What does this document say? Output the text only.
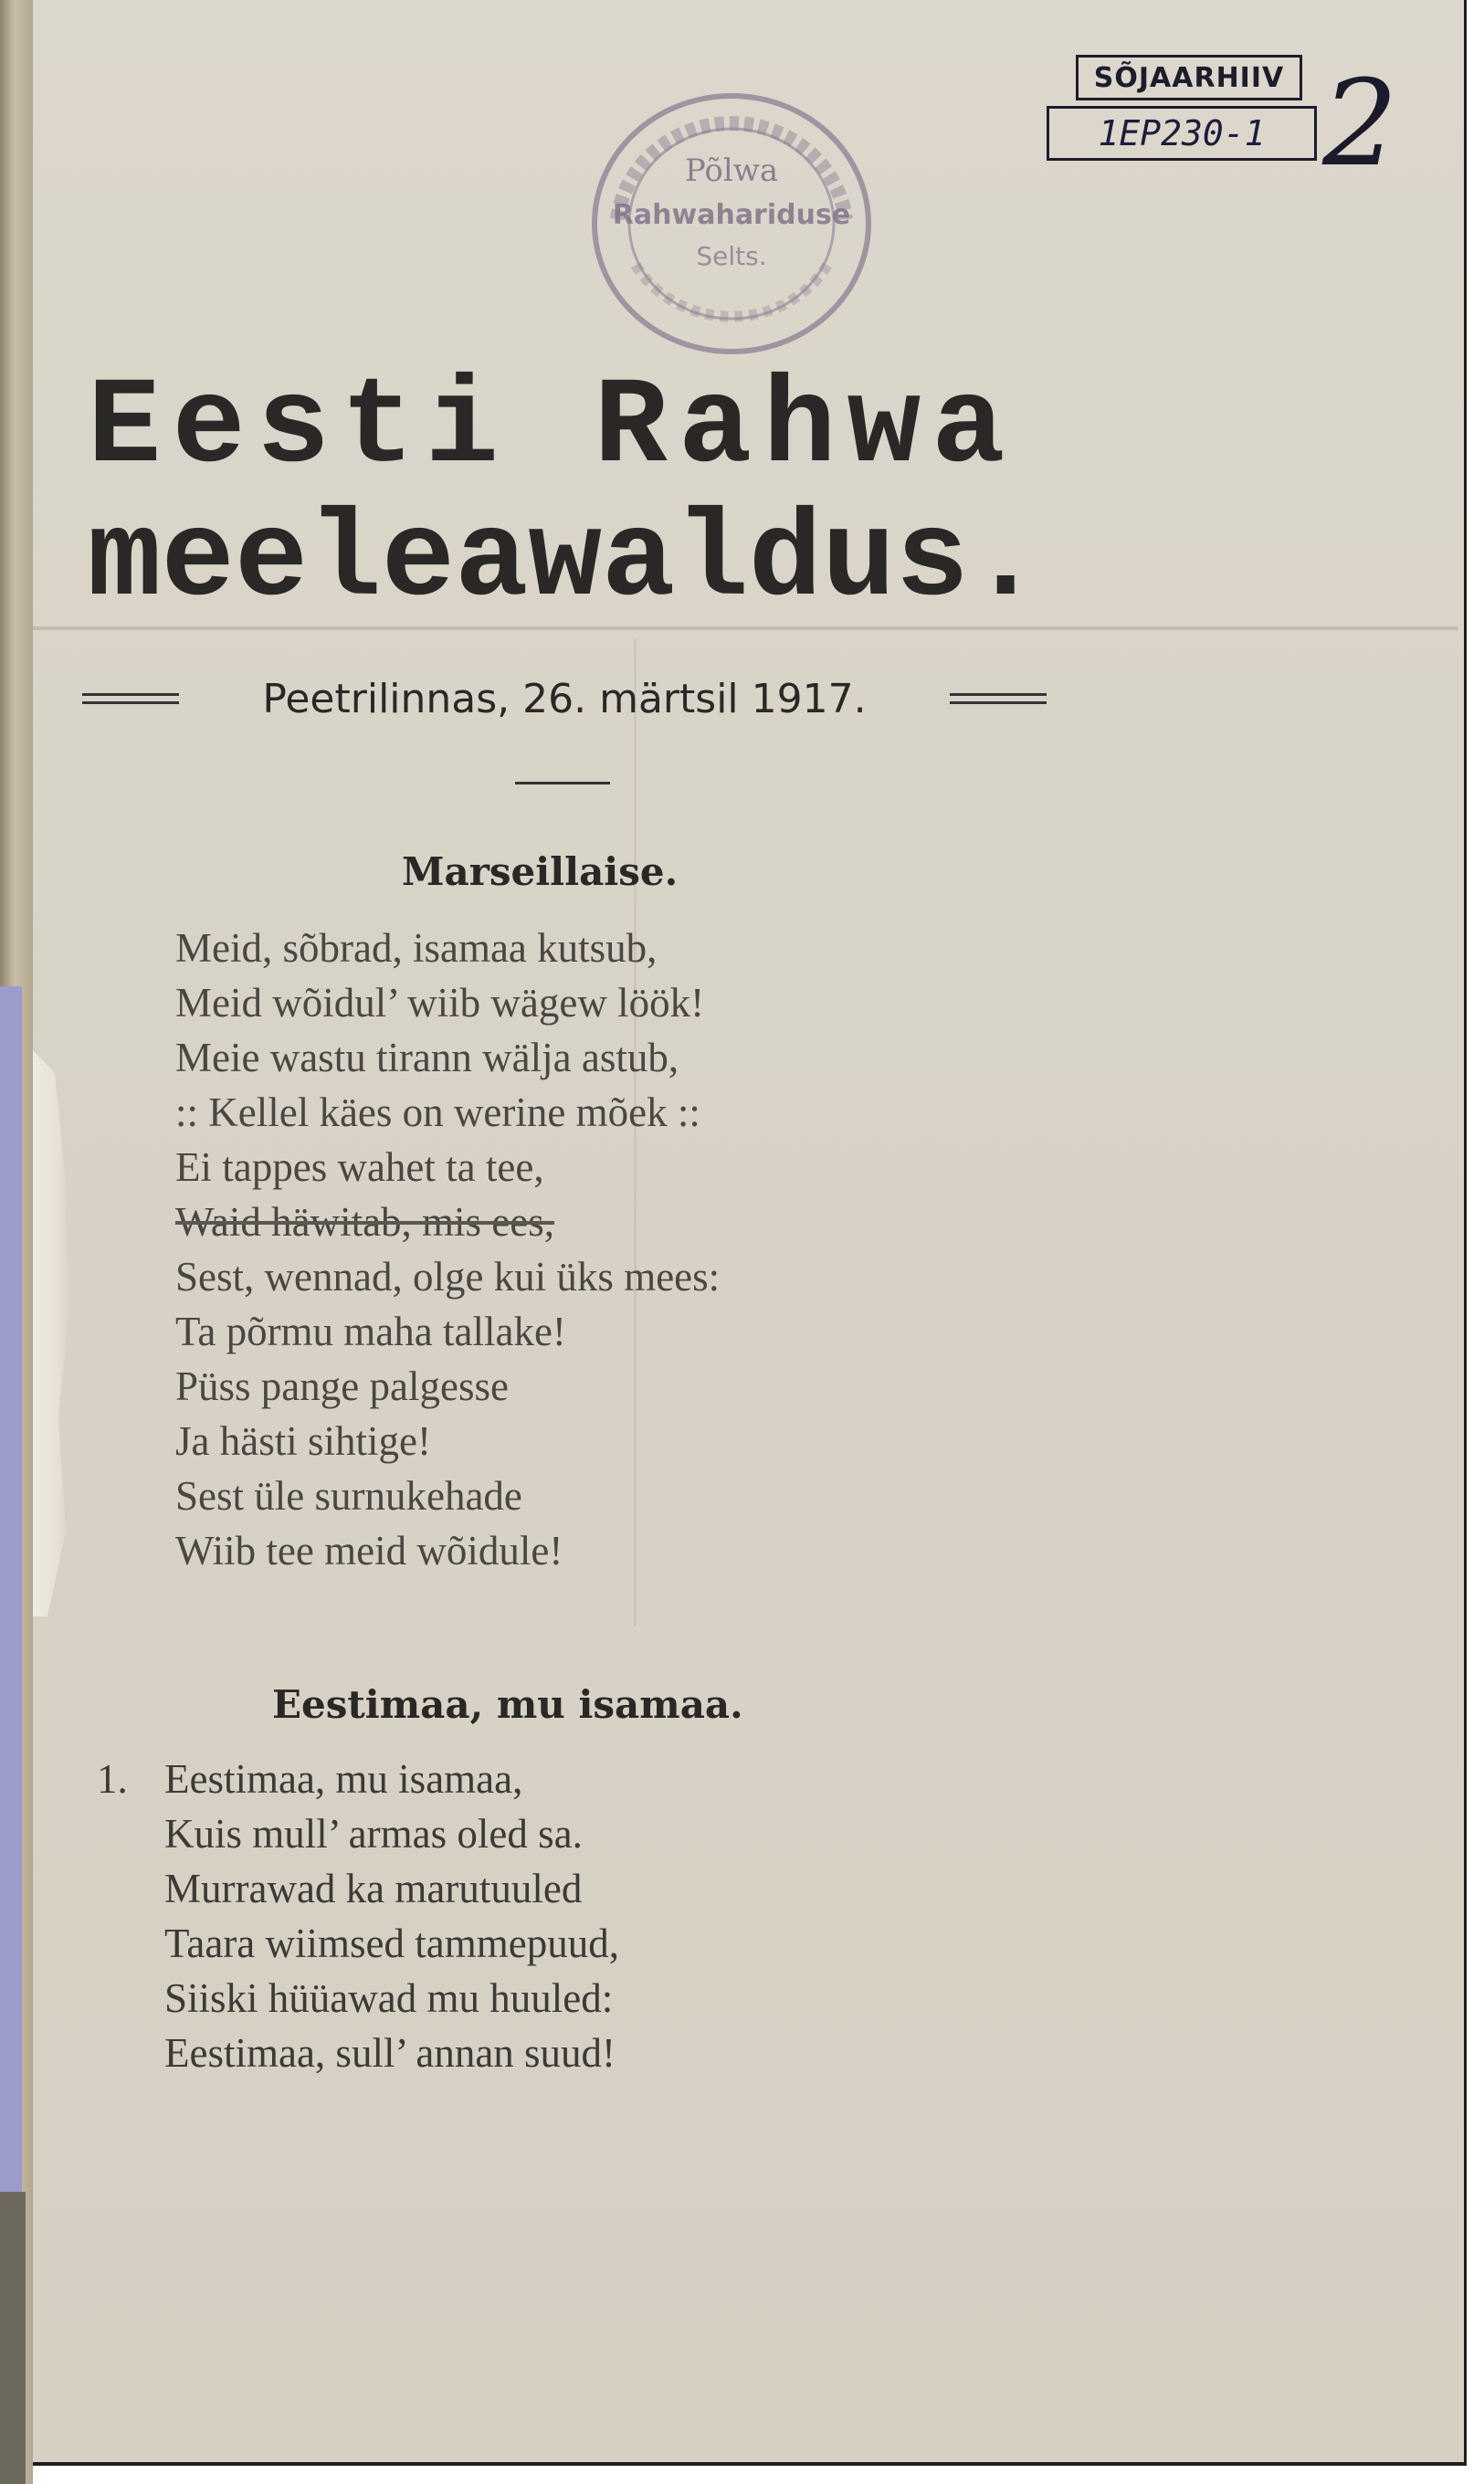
SÕJAARHIIV
1EP230-1 2
Põlwa
Rahwahariduse
Selts.
Eesti Rahwa
meeleawaldus.
Peetrilinnas, 26. märtsil 1917.
Marseillaise.
Meid, sõbrad, isamaa kutsub,
Meid wõidul’ wiib wägew löök!
Meie wastu tirann wälja astub,
:: Kellel käes on werine mõek ::
Ei tappes wahet ta tee,
Waid häwitab, mis ees,
Sest, wennad, olge kui üks mees:
Ta põrmu maha tallake!
Püss pange palgesse
Ja hästi sihtige!
Sest üle surnukehade
Wiib tee meid wõidule!
Eestimaa, mu isamaa.
1. Eestimaa, mu isamaa,
Kuis mull’ armas oled sa.
Murrawad ka marutuuled
Taara wiimsed tammepuud,
Siiski hüüawad mu huuled:
Eestimaa, sull’ annan suud!
